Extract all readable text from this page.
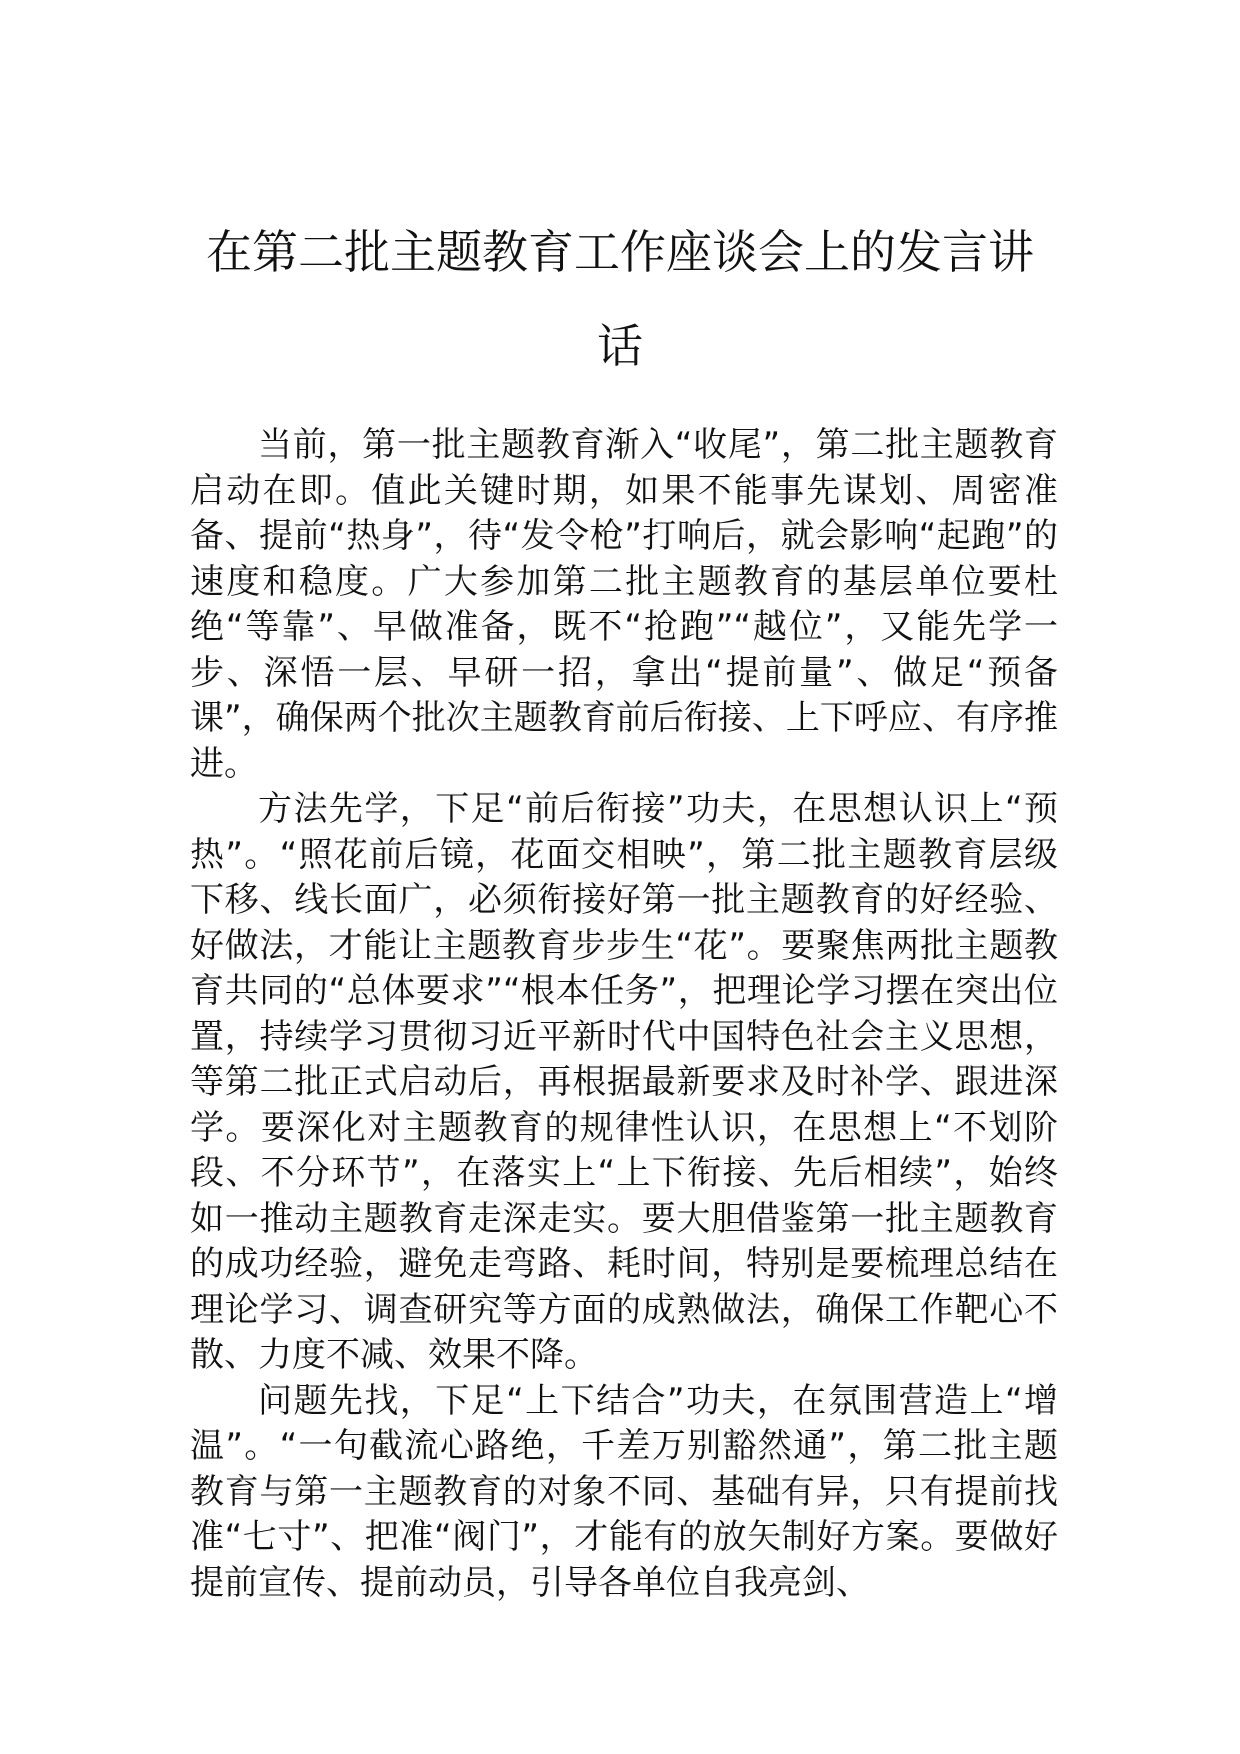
在第二批主题教育工作座谈会上的发言讲话

当前，第一批主题教育渐入“收尾”，第二批主题教育启动在即。值此关键时期，如果不能事先谋划、周密准备、提前“热身”，待“发令枪”打响后，就会影响“起跑”的速度和稳度。广大参加第二批主题教育的基层单位要杜绝“等靠”、早做准备，既不“抢跑”“越位”，又能先学一步、深悟一层、早研一招，拿出“提前量”、做足“预备课”，确保两个批次主题教育前后衔接、上下呼应、有序推进。

方法先学，下足“前后衔接”功夫，在思想认识上“预热”。“照花前后镜，花面交相映”，第二批主题教育层级下移、线长面广，必须衔接好第一批主题教育的好经验、好做法，才能让主题教育步步生“花”。要聚焦两批主题教育共同的“总体要求”“根本任务”，把理论学习摆在突出位置，持续学习贯彻习近平新时代中国特色社会主义思想，等第二批正式启动后，再根据最新要求及时补学、跟进深学。要深化对主题教育的规律性认识，在思想上“不划阶段、不分环节”，在落实上“上下衔接、先后相续”，始终如一推动主题教育走深走实。要大胆借鉴第一批主题教育的成功经验，避免走弯路、耗时间，特别是要梳理总结在理论学习、调查研究等方面的成熟做法，确保工作靶心不散、力度不减、效果不降。

问题先找，下足“上下结合”功夫，在氛围营造上“增温”。“一句截流心路绝，千差万别豁然通”，第二批主题教育与第一主题教育的对象不同、基础有异，只有提前找准“七寸”、把准“阀门”，才能有的放矢制好方案。要做好提前宣传、提前动员，引导各单位自我亮剑、
